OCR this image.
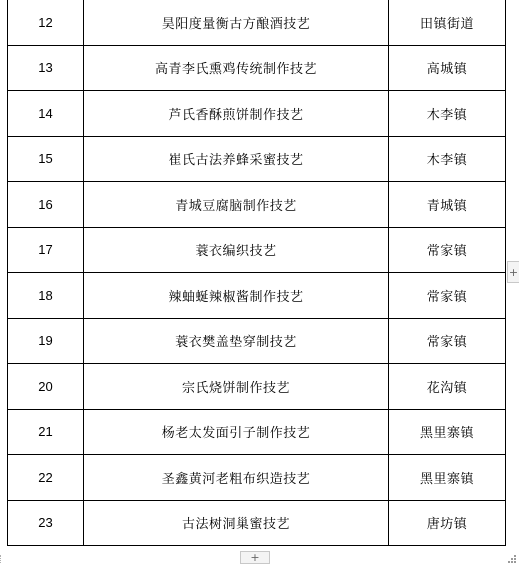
12	昊阳度量衡古方酿酒技艺	田镇街道
13	高青李氏熏鸡传统制作技艺	高城镇
14	芦氏香酥煎饼制作技艺	木李镇
15	崔氏古法养蜂采蜜技艺	木李镇
16	青城豆腐脑制作技艺	青城镇
17	蓑衣编织技艺	常家镇
18	辣蚰蜒辣椒酱制作技艺	常家镇
19	蓑衣樊盖垫穿制技艺	常家镇
20	宗氏烧饼制作技艺	花沟镇
21	杨老太发面引子制作技艺	黑里寨镇
22	圣鑫黄河老粗布织造技艺	黑里寨镇
23	古法树洞巢蜜技艺	唐坊镇
+
+
